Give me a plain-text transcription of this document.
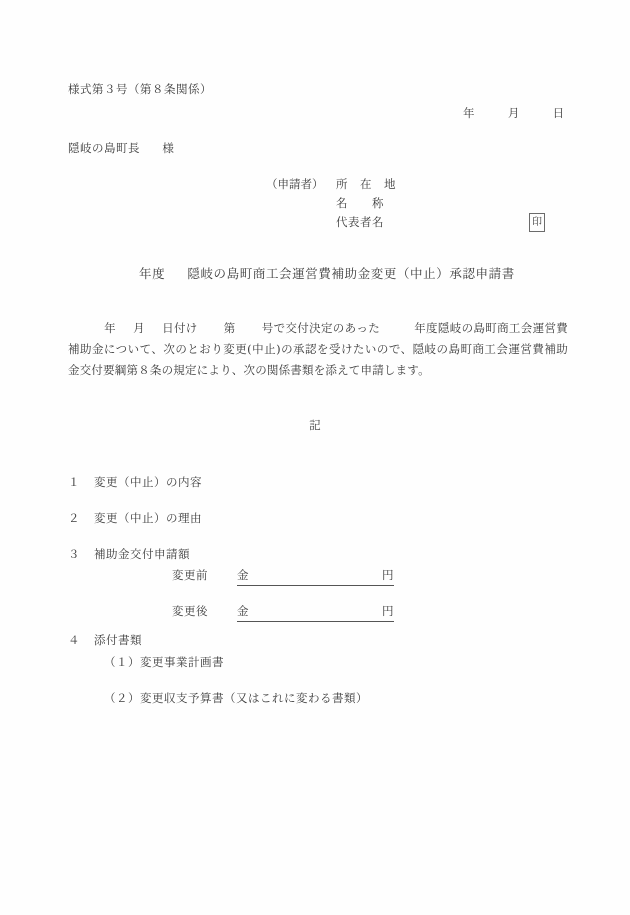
様式第３号（第８条関係）
年	月	日
隠岐の島町長 様
（申請者）	所　在　地
名　　称
代表者名	印
年度 隠岐の島町商工会運営費補助金変更（中止）承認申請書
年 月 日付け 第 号で交付決定のあった	年度隠岐の島町商工会運営費補助金について、次のとおり変更(中止)の承認を受けたいので、隠岐の島町商工会運営費補助金交付要綱第８条の規定により、次の関係書類を添えて申請します。
記
１ 変更（中止）の内容
２ 変更（中止）の理由
３ 補助金交付申請額
変更前	金	円
変更後	金	円
４ 添付書類
（１）変更事業計画書
（２）変更収支予算書（又はこれに変わる書類）
